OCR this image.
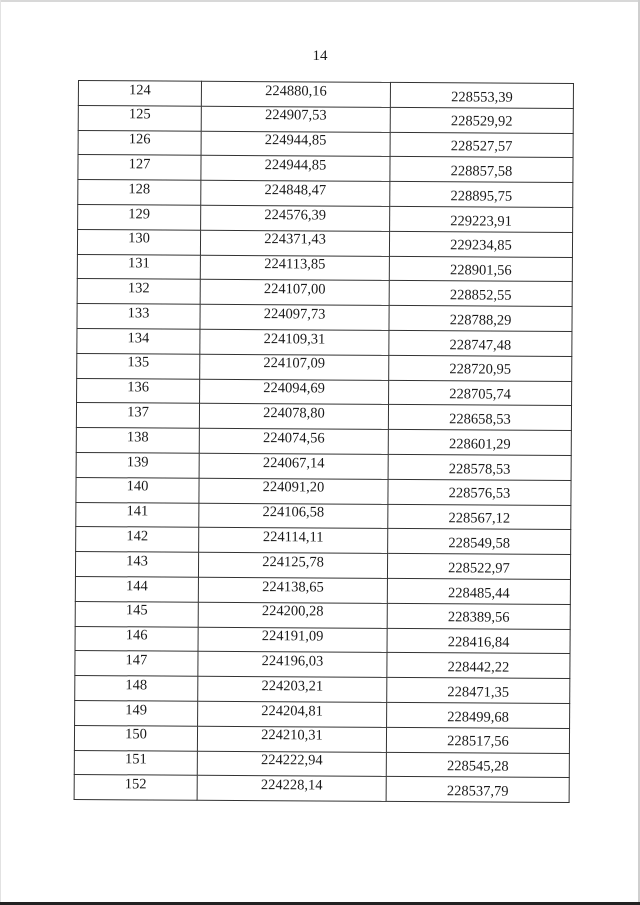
14
124	224880,16	228553,39
125	224907,53	228529,92
126	224944,85	228527,57
127	224944,85	228857,58
128	224848,47	228895,75
129	224576,39	229223,91
130	224371,43	229234,85
131	224113,85	228901,56
132	224107,00	228852,55
133	224097,73	228788,29
134	224109,31	228747,48
135	224107,09	228720,95
136	224094,69	228705,74
137	224078,80	228658,53
138	224074,56	228601,29
139	224067,14	228578,53
140	224091,20	228576,53
141	224106,58	228567,12
142	224114,11	228549,58
143	224125,78	228522,97
144	224138,65	228485,44
145	224200,28	228389,56
146	224191,09	228416,84
147	224196,03	228442,22
148	224203,21	228471,35
149	224204,81	228499,68
150	224210,31	228517,56
151	224222,94	228545,28
152	224228,14	228537,79
